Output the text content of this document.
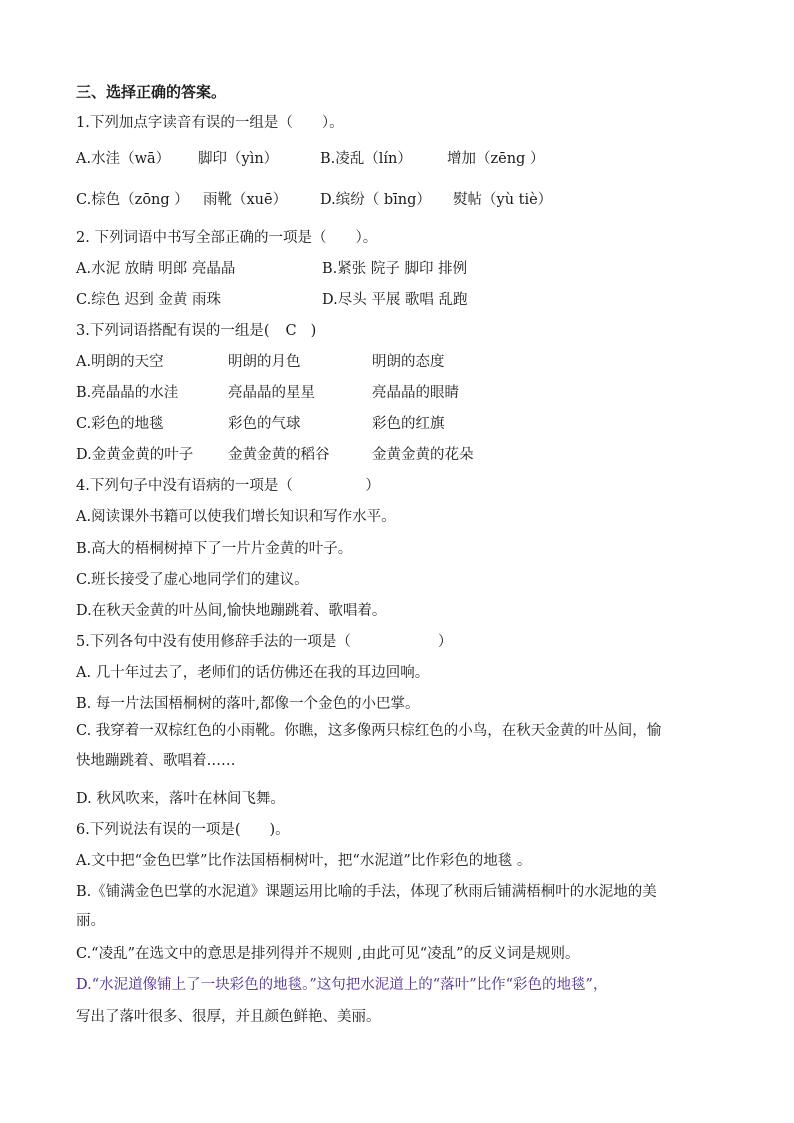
三、选择正确的答案。
1.下列加点字读音有误的一组是（　　）。
A.水洼（wā） 脚印（yìn）	B.凌乱（lín） 增加（zēng ）
C.棕色（zōng ） 雨靴（xuē） D.缤纷（ bīng） 熨帖（yù tiè）
2. 下列词语中书写全部正确的一项是（　　）。
A.水泥 放睛 明郎 亮晶晶	B.紧张 院子 脚印 排例
C.综色 迟到 金黄 雨珠	D.尽头 平展 歌唱 乱跑
3.下列词语搭配有误的一组是( C )
A.明朗的天空	明朗的月色	明朗的态度
B.亮晶晶的水洼	亮晶晶的星星	亮晶晶的眼睛
C.彩色的地毯	彩色的气球	彩色的红旗
D.金黄金黄的叶子 金黄金黄的稻谷	金黄金黄的花朵
4.下列句子中没有语病的一项是（　　　　　）
A.阅读课外书籍可以使我们增长知识和写作水平。
B.高大的梧桐树掉下了一片片金黄的叶子。
C.班长接受了虚心地同学们的建议。
D.在秋天金黄的叶丛间,愉快地蹦跳着、歌唱着。
5.下列各句中没有使用修辞手法的一项是（　　　　　　）
A. 几十年过去了，老师们的话仿佛还在我的耳边回响。
B. 每一片法国梧桐树的落叶,都像一个金色的小巴掌。
C. 我穿着一双棕红色的小雨靴。你瞧，这多像两只棕红色的小鸟，在秋天金黄的叶丛间，愉
快地蹦跳着、歌唱着……
D. 秋风吹来，落叶在林间飞舞。
6.下列说法有误的一项是(　　)。
A.文中把“金色巴掌”比作法国梧桐树叶，把“水泥道”比作彩色的地毯 。
B.《铺满金色巴掌的水泥道》课题运用比喻的手法，体现了秋雨后铺满梧桐叶的水泥地的美
丽。
C.“凌乱”在选文中的意思是排列得并不规则 ,由此可见“凌乱”的反义词是规则。
D.“水泥道像铺上了一块彩色的地毯。”这句把水泥道上的“落叶”比作“彩色的地毯”，
写出了落叶很多、很厚，并且颜色鲜艳、美丽。
